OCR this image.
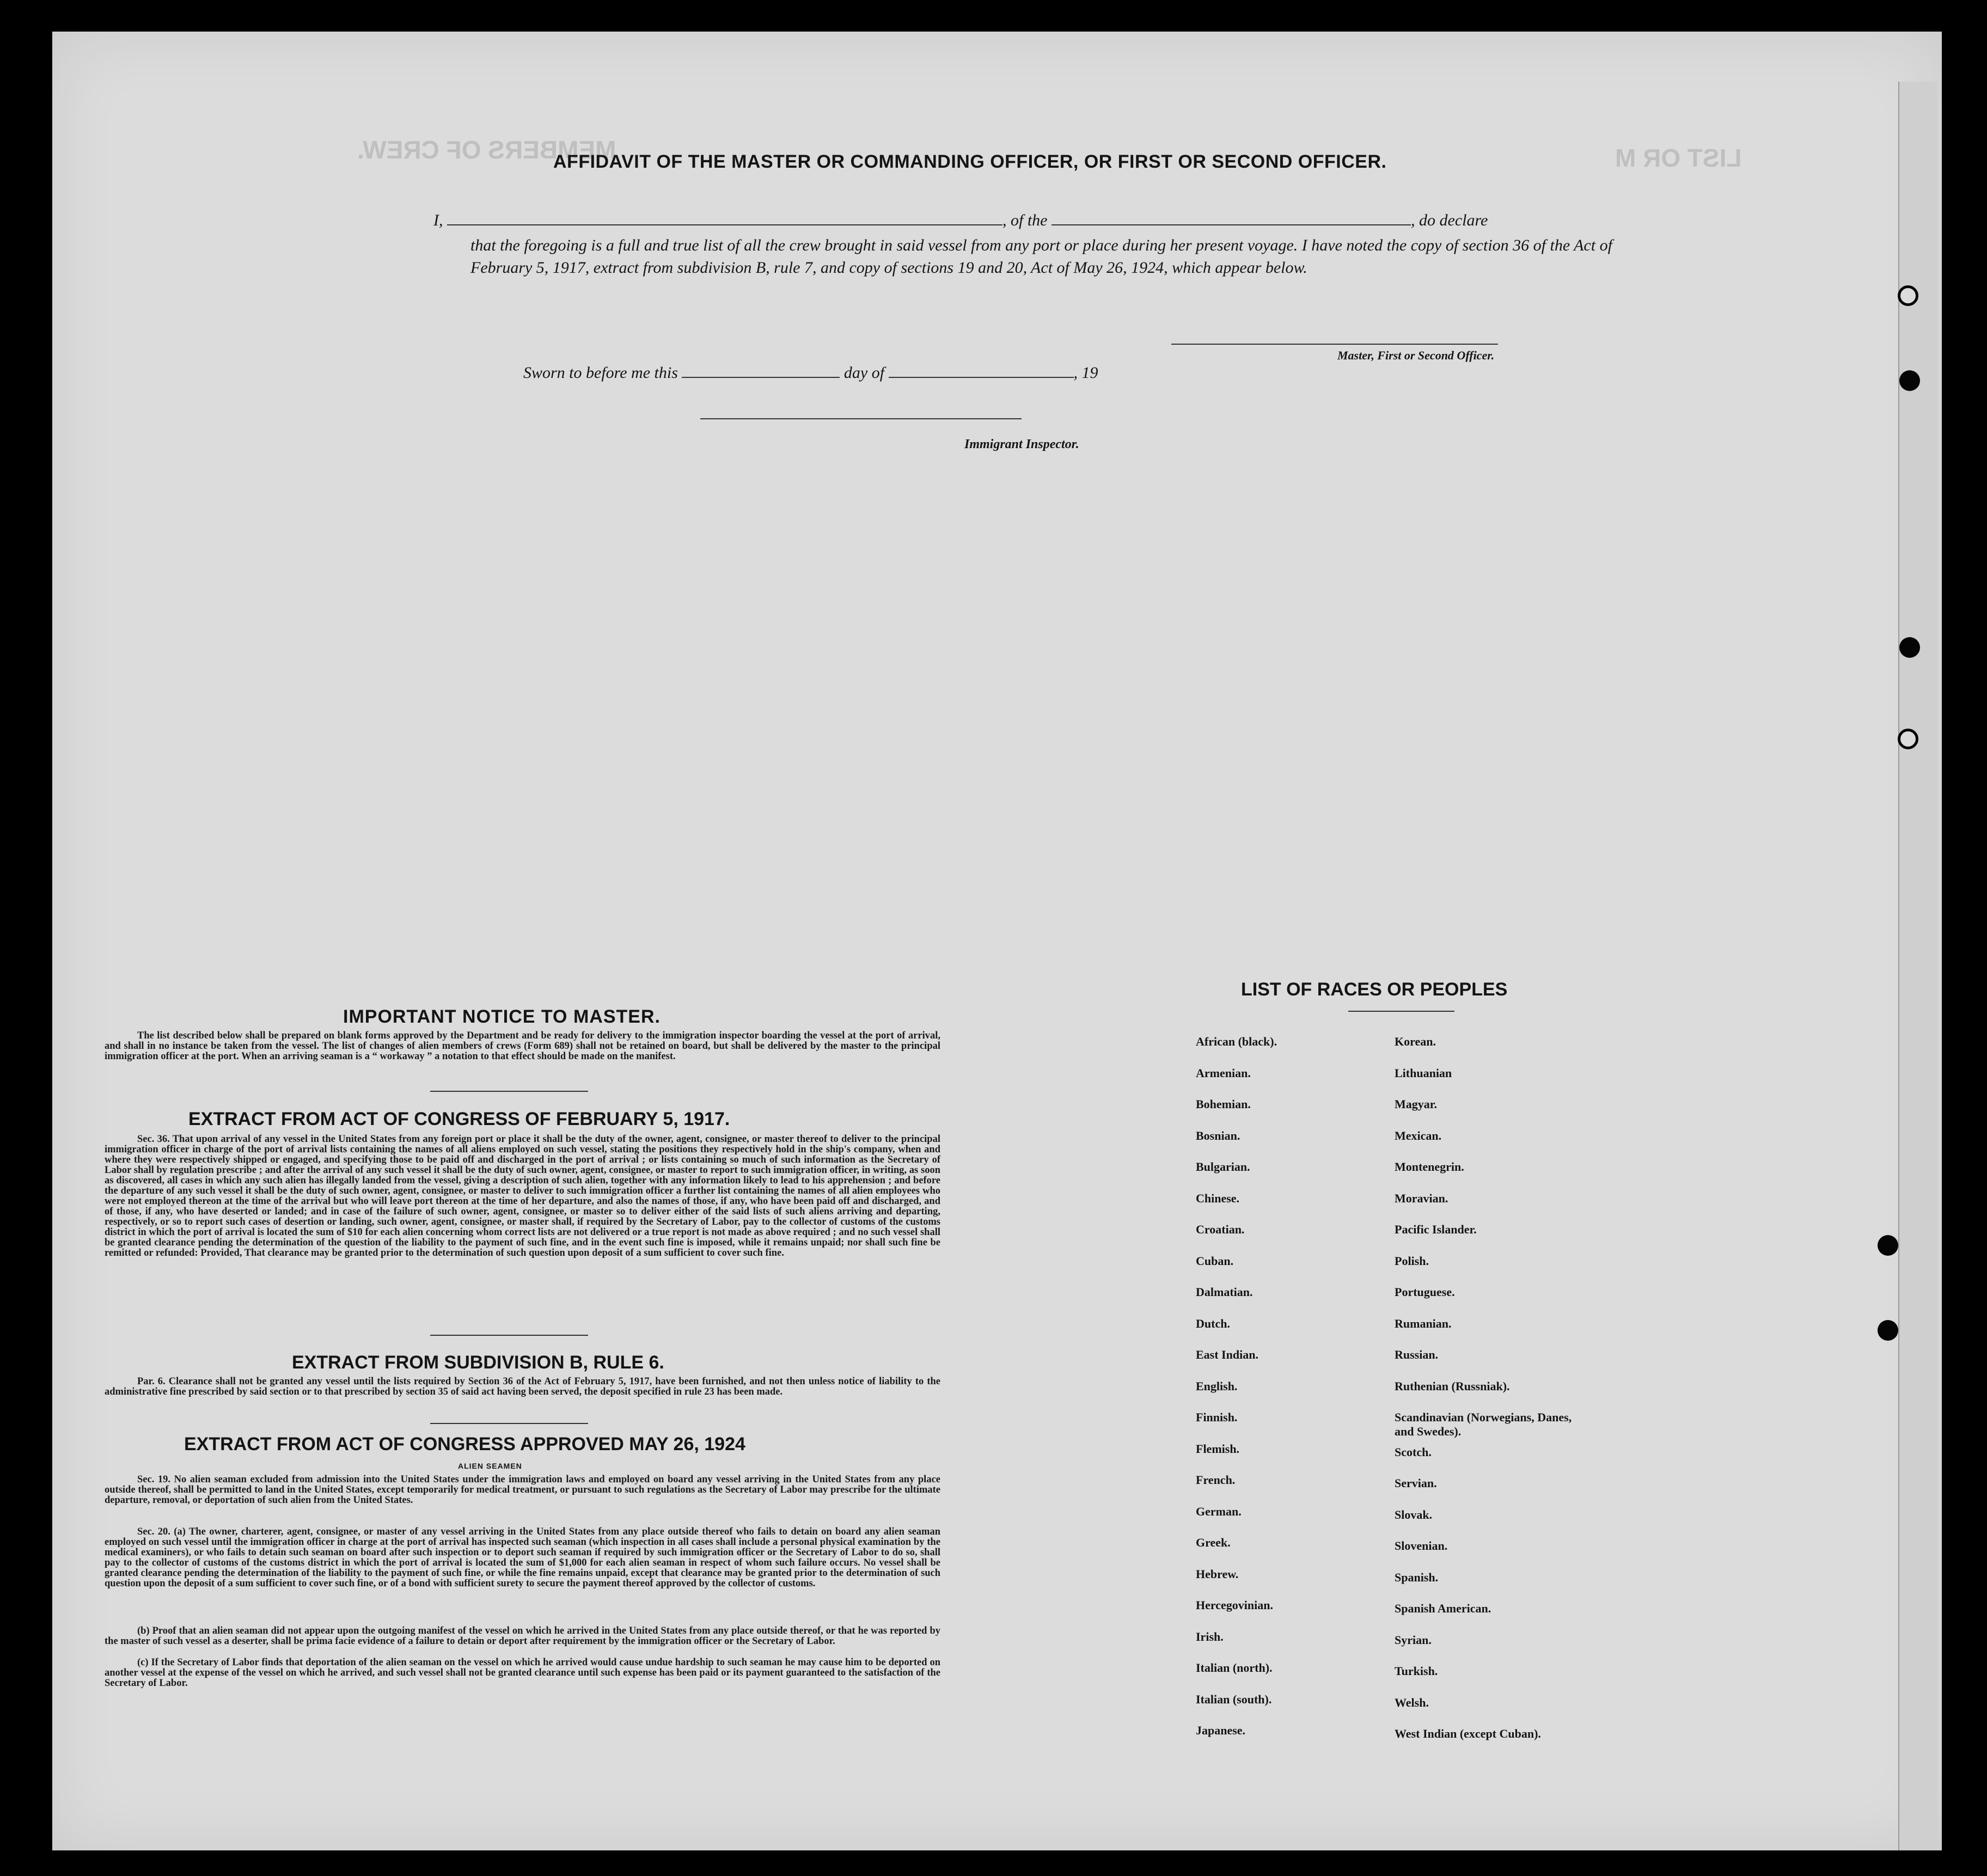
LIST OR M
MEMBERS OF CREW.
AFFIDAVIT OF THE MASTER OR COMMANDING OFFICER, OR FIRST OR SECOND OFFICER.
I,	, of the	, do declare
that the foregoing is a full and true list of all the crew brought in said vessel from any port or place during her present voyage. I have noted the copy of section 36 of the Act of February 5, 1917, extract from subdivision B, rule 7, and copy of sections 19 and 20, Act of May 26, 1924, which appear below.
Master, First or Second Officer.
Sworn to before me this	day of	, 19
Immigrant Inspector.
IMPORTANT NOTICE TO MASTER.
The list described below shall be prepared on blank forms approved by the Department and be ready for delivery to the immigration inspector boarding the vessel at the port of arrival, and shall in no instance be taken from the vessel. The list of changes of alien members of crews (Form 689) shall not be retained on board, but shall be delivered by the master to the principal immigration officer at the port. When an arriving seaman is a “ workaway ” a notation to that effect should be made on the manifest.
EXTRACT FROM ACT OF CONGRESS OF FEBRUARY 5, 1917.
Sec. 36. That upon arrival of any vessel in the United States from any foreign port or place it shall be the duty of the owner, agent, consignee, or master thereof to deliver to the principal immigration officer in charge of the port of arrival lists containing the names of all aliens employed on such vessel, stating the positions they respectively hold in the ship's company, when and where they were respectively shipped or engaged, and specifying those to be paid off and discharged in the port of arrival ; or lists containing so much of such information as the Secretary of Labor shall by regulation prescribe ; and after the arrival of any such vessel it shall be the duty of such owner, agent, consignee, or master to report to such immigration officer, in writing, as soon as discovered, all cases in which any such alien has illegally landed from the vessel, giving a description of such alien, together with any information likely to lead to his apprehension ; and before the departure of any such vessel it shall be the duty of such owner, agent, consignee, or master to deliver to such immigration officer a further list containing the names of all alien employees who were not employed thereon at the time of the arrival but who will leave port thereon at the time of her departure, and also the names of those, if any, who have been paid off and discharged, and of those, if any, who have deserted or landed; and in case of the failure of such owner, agent, consignee, or master so to deliver either of the said lists of such aliens arriving and departing, respectively, or so to report such cases of desertion or landing, such owner, agent, consignee, or master shall, if required by the Secretary of Labor, pay to the collector of customs of the customs district in which the port of arrival is located the sum of $10 for each alien concerning whom correct lists are not delivered or a true report is not made as above required ; and no such vessel shall be granted clearance pending the determination of the question of the liability to the payment of such fine, and in the event such fine is imposed, while it remains unpaid; nor shall such fine be remitted or refunded: Provided, That clearance may be granted prior to the determination of such question upon deposit of a sum sufficient to cover such fine.
EXTRACT FROM SUBDIVISION B, RULE 6.
Par. 6. Clearance shall not be granted any vessel until the lists required by Section 36 of the Act of February 5, 1917, have been furnished, and not then unless notice of liability to the administrative fine prescribed by said section or to that prescribed by section 35 of said act having been served, the deposit specified in rule 23 has been made.
EXTRACT FROM ACT OF CONGRESS APPROVED MAY 26, 1924
ALIEN SEAMEN
Sec. 19. No alien seaman excluded from admission into the United States under the immigration laws and employed on board any vessel arriving in the United States from any place outside thereof, shall be permitted to land in the United States, except temporarily for medical treatment, or pursuant to such regulations as the Secretary of Labor may prescribe for the ultimate departure, removal, or deportation of such alien from the United States.
Sec. 20. (a) The owner, charterer, agent, consignee, or master of any vessel arriving in the United States from any place outside thereof who fails to detain on board any alien seaman employed on such vessel until the immigration officer in charge at the port of arrival has inspected such seaman (which inspection in all cases shall include a personal physical examination by the medical examiners), or who fails to detain such seaman on board after such inspection or to deport such seaman if required by such immigration officer or the Secretary of Labor to do so, shall pay to the collector of customs of the customs district in which the port of arrival is located the sum of $1,000 for each alien seaman in respect of whom such failure occurs. No vessel shall be granted clearance pending the determination of the liability to the payment of such fine, or while the fine remains unpaid, except that clearance may be granted prior to the determination of such question upon the deposit of a sum sufficient to cover such fine, or of a bond with sufficient surety to secure the payment thereof approved by the collector of customs.
(b) Proof that an alien seaman did not appear upon the outgoing manifest of the vessel on which he arrived in the United States from any place outside thereof, or that he was reported by the master of such vessel as a deserter, shall be prima facie evidence of a failure to detain or deport after requirement by the immigration officer or the Secretary of Labor.
(c) If the Secretary of Labor finds that deportation of the alien seaman on the vessel on which he arrived would cause undue hardship to such seaman he may cause him to be deported on another vessel at the expense of the vessel on which he arrived, and such vessel shall not be granted clearance until such expense has been paid or its payment guaranteed to the satisfaction of the Secretary of Labor.
LIST OF RACES OR PEOPLES
African (black).
Armenian.
Bohemian.
Bosnian.
Bulgarian.
Chinese.
Croatian.
Cuban.
Dalmatian.
Dutch.
East Indian.
English.
Finnish.
Flemish.
French.
German.
Greek.
Hebrew.
Hercegovinian.
Irish.
Italian (north).
Italian (south).
Japanese.
Korean.
Lithuanian
Magyar.
Mexican.
Montenegrin.
Moravian.
Pacific Islander.
Polish.
Portuguese.
Rumanian.
Russian.
Ruthenian (Russniak).
Scandinavian (Norwegians, Danes, and Swedes).
Scotch.
Servian.
Slovak.
Slovenian.
Spanish.
Spanish American.
Syrian.
Turkish.
Welsh.
West Indian (except Cuban).
